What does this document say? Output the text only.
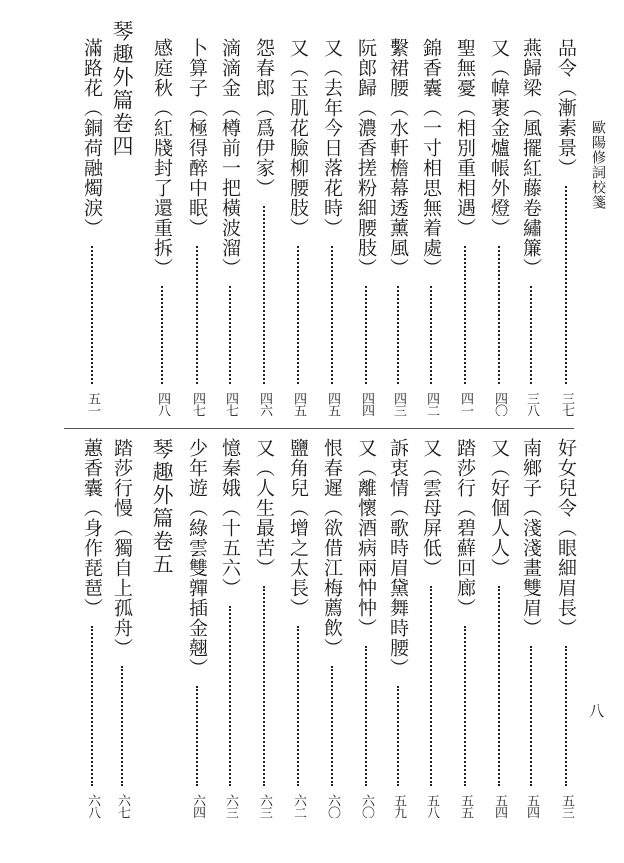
歐陽修詞校箋
八
品令（漸素景）
三七
燕歸梁（風擺紅藤卷繡簾）
三八
又（幃裹金爐帳外燈）
四〇
聖無憂（相別重相遇）
四一
錦香囊（一寸相思無着處）
四二
繫裙腰（水軒檐幕透薰風）
四三
阮郎歸（濃香搓粉細腰肢）
四四
又（去年今日落花時）
四五
又（玉肌花臉柳腰肢）
四五
怨春郎（爲伊家）
四六
滴滴金（樽前一把橫波溜）
四七
卜算子（極得醉中眠）
四七
感庭秋（紅牋封了還重拆）
四八
琴趣外篇卷四
滿路花（銅荷融燭淚）
五一
好女兒令（眼細眉長）
五三
南鄉子（淺淺畫雙眉）
五四
又（好個人人）
五四
踏莎行（碧蘚回廊）
五五
又（雲母屏低）
五八
訴衷情（歌時眉黛舞時腰）
五九
又（離懷酒病兩忡忡）
六〇
恨春遲（欲借江梅薦飲）
六〇
鹽角兒（增之太長）
六二
又（人生最苦）
六三
憶秦娥（十五六）
六三
少年遊（綠雲雙嚲插金翹）
六四
琴趣外篇卷五
踏莎行慢（獨自上孤舟）
六七
蕙香囊（身作琵琶）
六八
